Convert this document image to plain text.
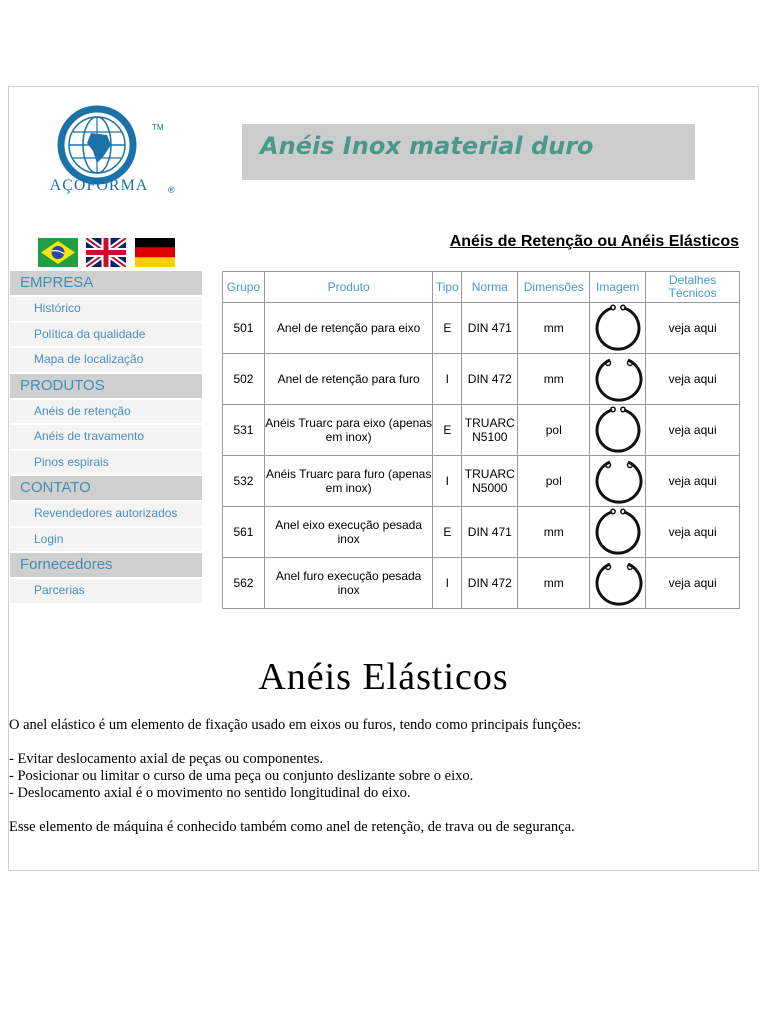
TM
®
AÇOFORMA
Anéis Inox material duro
Anéis de Retenção ou Anéis Elásticos
EMPRESA
Histórico
Política da qualidade
Mapa de localização
PRODUTOS
Anéis de retenção
Anéis de travamento
Pinos espirais
CONTATO
Revendedores autorizados
Login
Fornecedores
Parcerias
Grupo	Produto	Tipo	Norma	Dimensões	Imagem	Detalhes Técnicos
501	Anel de retenção para eixo	E	DIN 471	mm		veja aqui
502	Anel de retenção para furo	I	DIN 472	mm		veja aqui
531	Anéis Truarc para eixo (apenas em inox)	E	TRUARC N5100	pol		veja aqui
532	Anéis Truarc para furo (apenas em inox)	I	TRUARC N5000	pol		veja aqui
561	Anel eixo execução pesada inox	E	DIN 471	mm		veja aqui
562	Anel furo execução pesada inox	I	DIN 472	mm		veja aqui
Anéis Elásticos

O anel elástico é um elemento de fixação usado em eixos ou furos, tendo como principais funções:

- Evitar deslocamento axial de peças ou componentes.

- Posicionar ou limitar o curso de uma peça ou conjunto deslizante sobre o eixo.

- Deslocamento axial é o movimento no sentido longitudinal do eixo.

Esse elemento de máquina é conhecido também como anel de retenção, de trava ou de segurança.
